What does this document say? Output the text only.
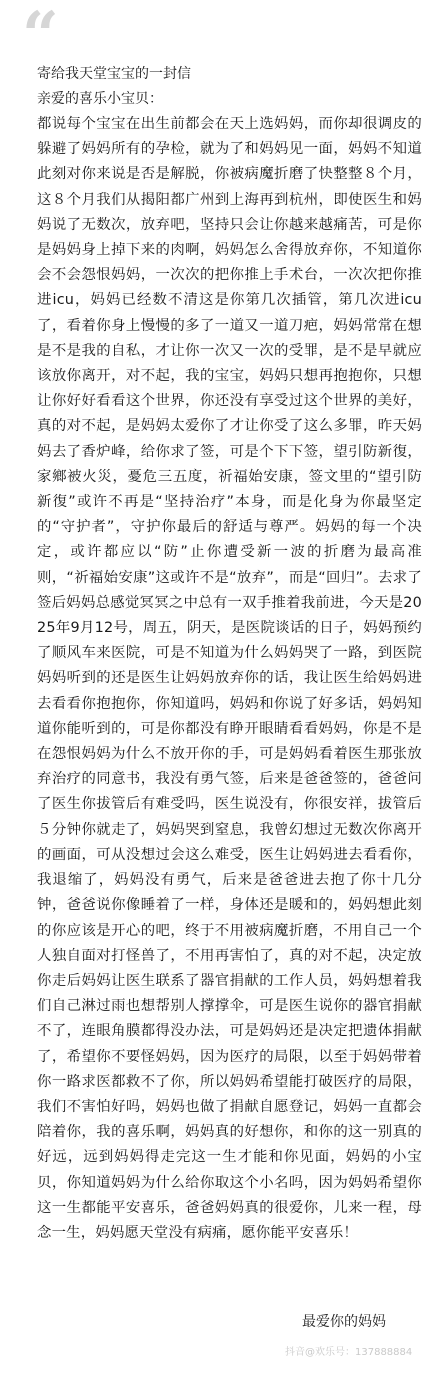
“
寄给我天堂宝宝的一封信
亲爱的喜乐小宝贝：
都说每个宝宝在出生前都会在天上选妈妈，而你却很调皮的躲避了妈妈所有的孕检，就为了和妈妈见一面，妈妈不知道此刻对你来说是否是解脱，你被病魔折磨了快整整８个月，这８个月我们从揭阳都广州到上海再到杭州，即使医生和妈妈说了无数次，放弃吧，坚持只会让你越来越痛苦，可是你是妈妈身上掉下来的肉啊，妈妈怎么舍得放弃你，不知道你会不会怨恨妈妈，一次次的把你推上手术台，一次次把你推进icu，妈妈已经数不清这是你第几次插管，第几次进icu了，看着你身上慢慢的多了一道又一道刀疤，妈妈常常在想是不是我的自私，才让你一次又一次的受罪，是不是早就应该放你离开，对不起，我的宝宝，妈妈只想再抱抱你，只想让你好好看看这个世界，你还没有享受过这个世界的美好，真的对不起，是妈妈太爱你了才让你受了这么多罪，昨天妈妈去了香炉峰，给你求了签，可是个下下签，望引防新復，家鄉被火災，憂危三五度，祈福始安康，签文里的“望引防新復”或许不再是“坚持治疗”本身，而是化身为你最坚定的“守护者”，守护你最后的舒适与尊严。妈妈的每一个决定，或许都应以“防”止你遭受新一波的折磨为最高准则，“祈福始安康”这或许不是“放弃”，而是“回归”。去求了签后妈妈总感觉冥冥之中总有一双手推着我前进，今天是2025年9月12号，周五，阴天，是医院谈话的日子，妈妈预约了顺风车来医院，可是不知道为什么妈妈哭了一路，到医院妈妈听到的还是医生让妈妈放弃你的话，我让医生给妈妈进去看看你抱抱你，你知道吗，妈妈和你说了好多话，妈妈知道你能听到的，可是你都没有睁开眼睛看看妈妈，你是不是在怨恨妈妈为什么不放开你的手，可是妈妈看着医生那张放弃治疗的同意书，我没有勇气签，后来是爸爸签的，爸爸问了医生你拔管后有难受吗，医生说没有，你很安祥，拔管后５分钟你就走了，妈妈哭到窒息，我曾幻想过无数次你离开的画面，可从没想过会这么难受，医生让妈妈进去看看你，我退缩了，妈妈没有勇气，后来是爸爸进去抱了你十几分钟，爸爸说你像睡着了一样，身体还是暖和的，妈妈想此刻的你应该是开心的吧，终于不用被病魔折磨，不用自己一个人独自面对打怪兽了，不用再害怕了，真的对不起，决定放你走后妈妈让医生联系了器官捐献的工作人员，妈妈想着我们自己淋过雨也想帮别人撑撑伞，可是医生说你的器官捐献不了，连眼角膜都得没办法，可是妈妈还是决定把遗体捐献了，希望你不要怪妈妈，因为医疗的局限，以至于妈妈带着你一路求医都救不了你，所以妈妈希望能打破医疗的局限，我们不害怕好吗，妈妈也做了捐献自愿登记，妈妈一直都会陪着你，我的喜乐啊，妈妈真的好想你，和你的这一别真的好远，远到妈妈得走完这一生才能和你见面，妈妈的小宝贝，你知道妈妈为什么给你取这个小名吗，因为妈妈希望你这一生都能平安喜乐，爸爸妈妈真的很爱你，儿来一程，母念一生，妈妈愿天堂没有病痛，愿你能平安喜乐！
最爱你的妈妈
抖音@欢乐号：137888884
